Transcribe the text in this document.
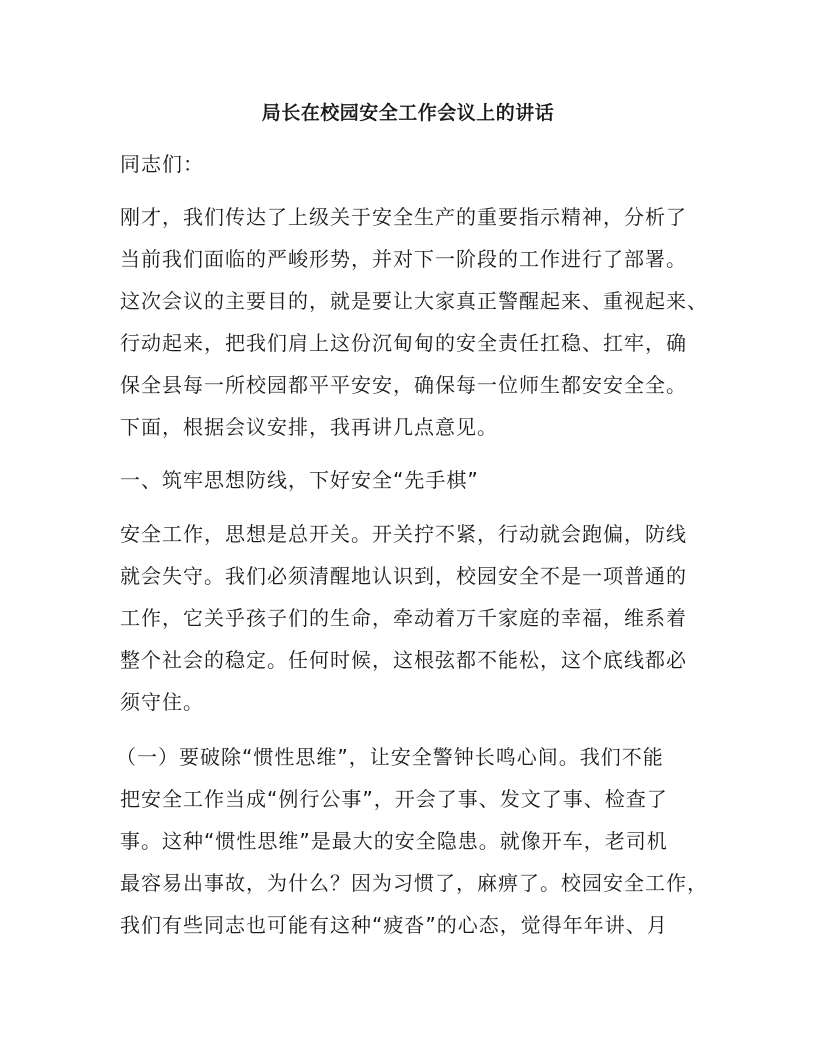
局长在校园安全工作会议上的讲话
同志们：
刚才，我们传达了上级关于安全生产的重要指示精神，分析了
当前我们面临的严峻形势，并对下一阶段的工作进行了部署。
这次会议的主要目的，就是要让大家真正警醒起来、重视起来、
行动起来，把我们肩上这份沉甸甸的安全责任扛稳、扛牢，确
保全县每一所校园都平平安安，确保每一位师生都安安全全。
下面，根据会议安排，我再讲几点意见。
一、筑牢思想防线，下好安全“先手棋”
安全工作，思想是总开关。开关拧不紧，行动就会跑偏，防线
就会失守。我们必须清醒地认识到，校园安全不是一项普通的
工作，它关乎孩子们的生命，牵动着万千家庭的幸福，维系着
整个社会的稳定。任何时候，这根弦都不能松，这个底线都必
须守住。
（一）要破除“惯性思维”，让安全警钟长鸣心间。我们不能
把安全工作当成“例行公事”，开会了事、发文了事、检查了
事。这种“惯性思维”是最大的安全隐患。就像开车，老司机
最容易出事故，为什么？因为习惯了，麻痹了。校园安全工作，
我们有些同志也可能有这种“疲沓”的心态，觉得年年讲、月
